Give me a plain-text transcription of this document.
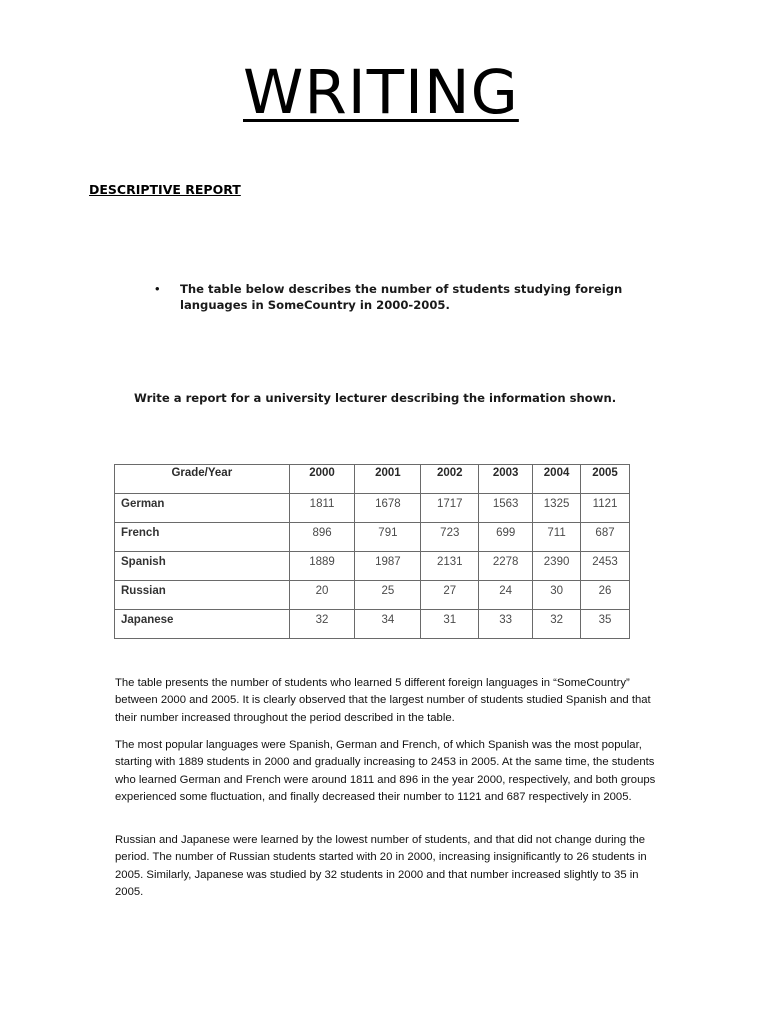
WRITING
DESCRIPTIVE REPORT
• The table below describes the number of students studying foreign languages in SomeCountry in 2000-2005.
Write a report for a university lecturer describing the information shown.
Grade/Year	2000	2001	2002	2003	2004	2005
German	1811	1678	1717	1563	1325	1121
French	896	791	723	699	711	687
Spanish	1889	1987	2131	2278	2390	2453
Russian	20	25	27	24	30	26
Japanese	32	34	31	33	32	35

The table presents the number of students who learned 5 different foreign languages in “SomeCountry” between 2000 and 2005. It is clearly observed that the largest number of students studied Spanish and that their number increased throughout the period described in the table.

The most popular languages were Spanish, German and French, of which Spanish was the most popular, starting with 1889 students in 2000 and gradually increasing to 2453 in 2005. At the same time, the students who learned German and French were around 1811 and 896 in the year 2000, respectively, and both groups experienced some fluctuation, and finally decreased their number to 1121 and 687 respectively in 2005.

Russian and Japanese were learned by the lowest number of students, and that did not change during the period. The number of Russian students started with 20 in 2000, increasing insignificantly to 26 students in 2005. Similarly, Japanese was studied by 32 students in 2000 and that number increased slightly to 35 in 2005.
